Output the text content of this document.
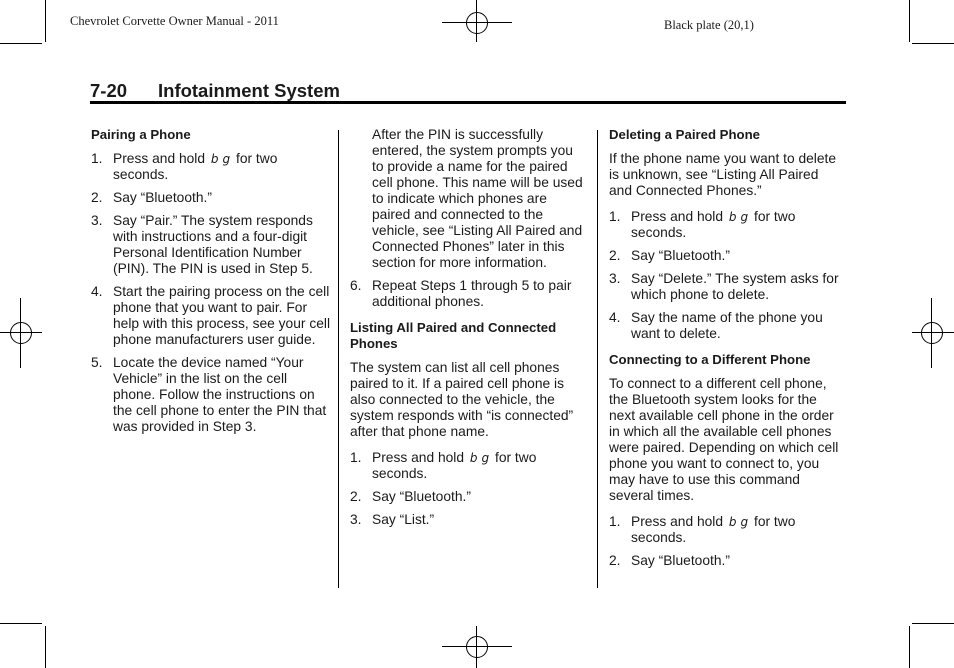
Chevrolet Corvette Owner Manual - 2011	Black plate (20,1)
7-20 Infotainment System
Pairing a Phone
1. Press and hold b g for two seconds.
2. Say “Bluetooth.”
3. Say “Pair.” The system responds with instructions and a four-digit Personal Identification Number (PIN). The PIN is used in Step 5.
4. Start the pairing process on the cell phone that you want to pair. For help with this process, see your cell phone manufacturers user guide.
5. Locate the device named “Your Vehicle” in the list on the cell phone. Follow the instructions on the cell phone to enter the PIN that was provided in Step 3.
After the PIN is successfully entered, the system prompts you to provide a name for the paired cell phone. This name will be used to indicate which phones are paired and connected to the vehicle, see “Listing All Paired and Connected Phones” later in this section for more information.
6. Repeat Steps 1 through 5 to pair additional phones.
Listing All Paired and Connected Phones
The system can list all cell phones paired to it. If a paired cell phone is also connected to the vehicle, the system responds with “is connected” after that phone name.
1. Press and hold b g for two seconds.
2. Say “Bluetooth.”
3. Say “List.”
Deleting a Paired Phone
If the phone name you want to delete is unknown, see “Listing All Paired and Connected Phones.”
1. Press and hold b g for two seconds.
2. Say “Bluetooth.”
3. Say “Delete.” The system asks for which phone to delete.
4. Say the name of the phone you want to delete.
Connecting to a Different Phone
To connect to a different cell phone, the Bluetooth system looks for the next available cell phone in the order in which all the available cell phones were paired. Depending on which cell phone you want to connect to, you may have to use this command several times.
1. Press and hold b g for two seconds.
2. Say “Bluetooth.”
